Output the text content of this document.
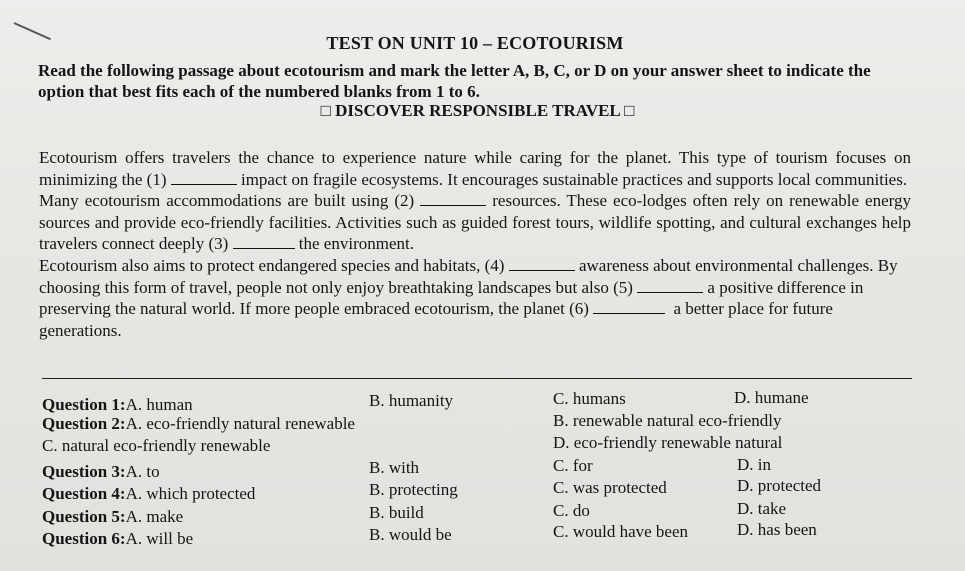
TEST ON UNIT 10 – ECOTOURISM
Read the following passage about ecotourism and mark the letter A, B, C, or D on your answer sheet to indicate the option that best fits each of the numbered blanks from 1 to 6.
□ DISCOVER RESPONSIBLE TRAVEL □

Ecotourism offers travelers the chance to experience nature while caring for the planet. This type of tourism focuses on minimizing the (1)	impact on fragile ecosystems. It encourages sustainable practices and supports local communities.

Many ecotourism accommodations are built using (2)	resources. These eco-lodges often rely on renewable energy sources and provide eco-friendly facilities. Activities such as guided forest tours, wildlife spotting, and cultural exchanges help travelers connect deeply (3)	the environment.

Ecotourism also aims to protect endangered species and habitats, (4)	awareness about environmental challenges. By choosing this form of travel, people not only enjoy breathtaking landscapes but also (5)	a positive difference in preserving the natural world. If more people embraced ecotourism, the planet (6)	a better place for future generations.

Question 1:A. human	B. humanity	C. humans	D. humane
Question 2:A. eco-friendly natural renewable	B. renewable natural eco-friendly
C. natural eco-friendly renewable	D. eco-friendly renewable natural
Question 3:A. to	B. with	C. for	D. in
Question 4:A. which protected	B. protecting	C. was protected	D. protected
Question 5:A. make	B. build	C. do	D. take
Question 6:A. will be	B. would be	C. would have been	D. has been
